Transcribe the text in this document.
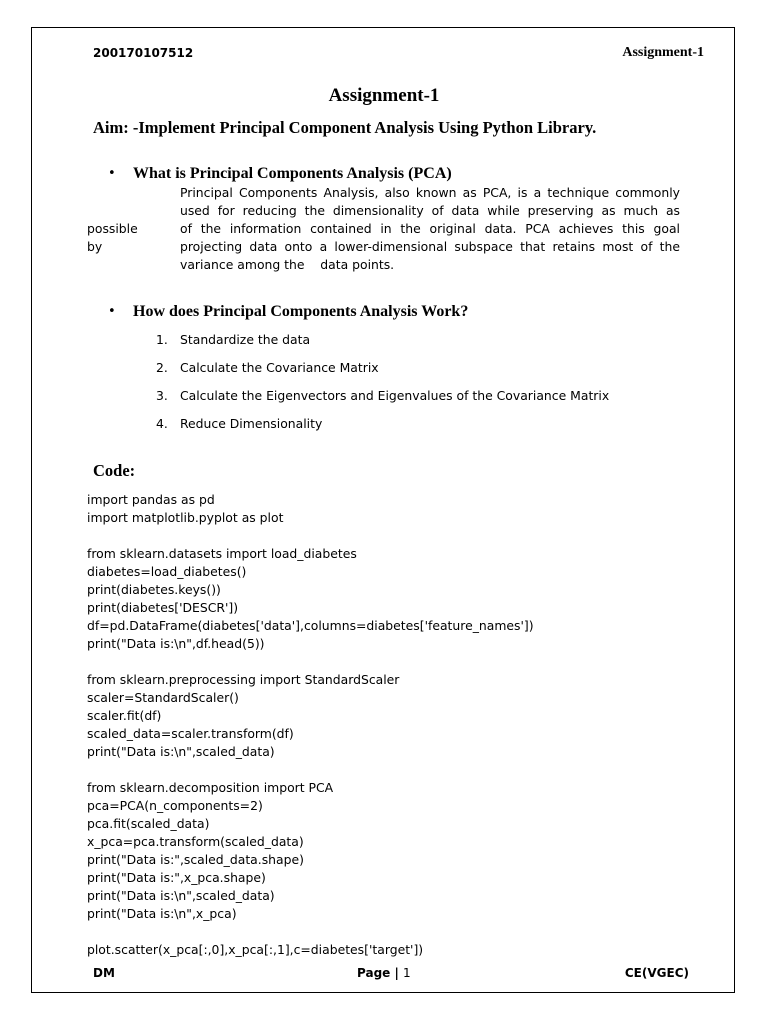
200170107512	Assignment-1
Assignment-1
Aim: -Implement Principal Component Analysis Using Python Library.
• What is Principal Components Analysis (PCA)
Principal Components Analysis, also known as PCA, is a technique commonly
used for reducing the dimensionality of data while preserving as much as
of the information contained in the original data. PCA achieves this goal
projecting data onto a lower-dimensional subspace that retains most of the
variance among the    data points.
possible
by
• How does Principal Components Analysis Work?
1. Standardize the data
2. Calculate the Covariance Matrix
3. Calculate the Eigenvectors and Eigenvalues of the Covariance Matrix
4. Reduce Dimensionality
Code:
import pandas as pd
import matplotlib.pyplot as plot
from sklearn.datasets import load_diabetes
diabetes=load_diabetes()
print(diabetes.keys())
print(diabetes['DESCR'])
df=pd.DataFrame(diabetes['data'],columns=diabetes['feature_names'])
print("Data is:\n",df.head(5))
from sklearn.preprocessing import StandardScaler
scaler=StandardScaler()
scaler.fit(df)
scaled_data=scaler.transform(df)
print("Data is:\n",scaled_data)
from sklearn.decomposition import PCA
pca=PCA(n_components=2)
pca.fit(scaled_data)
x_pca=pca.transform(scaled_data)
print("Data is:",scaled_data.shape)
print("Data is:",x_pca.shape)
print("Data is:\n",scaled_data)
print("Data is:\n",x_pca)
plot.scatter(x_pca[:,0],x_pca[:,1],c=diabetes['target'])
DM	Page | 1	CE(VGEC)
